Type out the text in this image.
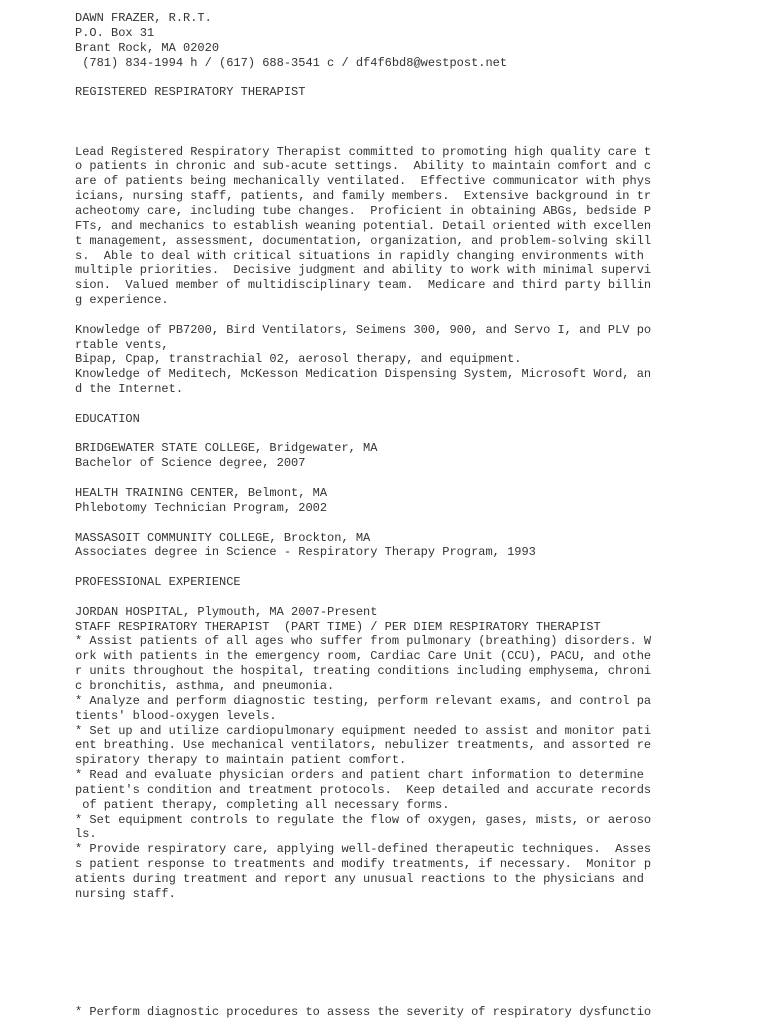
DAWN FRAZER, R.R.T.
P.O. Box 31
Brant Rock, MA 02020
(781) 834-1994 h / (617) 688-3541 c / df4f6bd8@westpost.net
REGISTERED RESPIRATORY THERAPIST
Lead Registered Respiratory Therapist committed to promoting high quality care t
o patients in chronic and sub-acute settings.  Ability to maintain comfort and c
are of patients being mechanically ventilated.  Effective communicator with phys
icians, nursing staff, patients, and family members.  Extensive background in tr
acheotomy care, including tube changes.  Proficient in obtaining ABGs, bedside P
FTs, and mechanics to establish weaning potential. Detail oriented with excellen
t management, assessment, documentation, organization, and problem-solving skill
s.  Able to deal with critical situations in rapidly changing environments with
multiple priorities.  Decisive judgment and ability to work with minimal supervi
sion.  Valued member of multidisciplinary team.  Medicare and third party billin
g experience.
Knowledge of PB7200, Bird Ventilators, Seimens 300, 900, and Servo I, and PLV po
rtable vents,
Bipap, Cpap, transtrachial 02, aerosol therapy, and equipment.
Knowledge of Meditech, McKesson Medication Dispensing System, Microsoft Word, an
d the Internet.
EDUCATION
BRIDGEWATER STATE COLLEGE, Bridgewater, MA
Bachelor of Science degree, 2007
HEALTH TRAINING CENTER, Belmont, MA
Phlebotomy Technician Program, 2002
MASSASOIT COMMUNITY COLLEGE, Brockton, MA
Associates degree in Science - Respiratory Therapy Program, 1993
PROFESSIONAL EXPERIENCE
JORDAN HOSPITAL, Plymouth, MA 2007-Present
STAFF RESPIRATORY THERAPIST  (PART TIME) / PER DIEM RESPIRATORY THERAPIST
* Assist patients of all ages who suffer from pulmonary (breathing) disorders. W
ork with patients in the emergency room, Cardiac Care Unit (CCU), PACU, and othe
r units throughout the hospital, treating conditions including emphysema, chroni
c bronchitis, asthma, and pneumonia.
* Analyze and perform diagnostic testing, perform relevant exams, and control pa
tients' blood-oxygen levels.
* Set up and utilize cardiopulmonary equipment needed to assist and monitor pati
ent breathing. Use mechanical ventilators, nebulizer treatments, and assorted re
spiratory therapy to maintain patient comfort.
* Read and evaluate physician orders and patient chart information to determine
patient's condition and treatment protocols.  Keep detailed and accurate records
of patient therapy, completing all necessary forms.
* Set equipment controls to regulate the flow of oxygen, gases, mists, or aeroso
ls.
* Provide respiratory care, applying well-defined therapeutic techniques.  Asses
s patient response to treatments and modify treatments, if necessary.  Monitor p
atients during treatment and report any unusual reactions to the physicians and
nursing staff.
* Perform diagnostic procedures to assess the severity of respiratory dysfunctio
